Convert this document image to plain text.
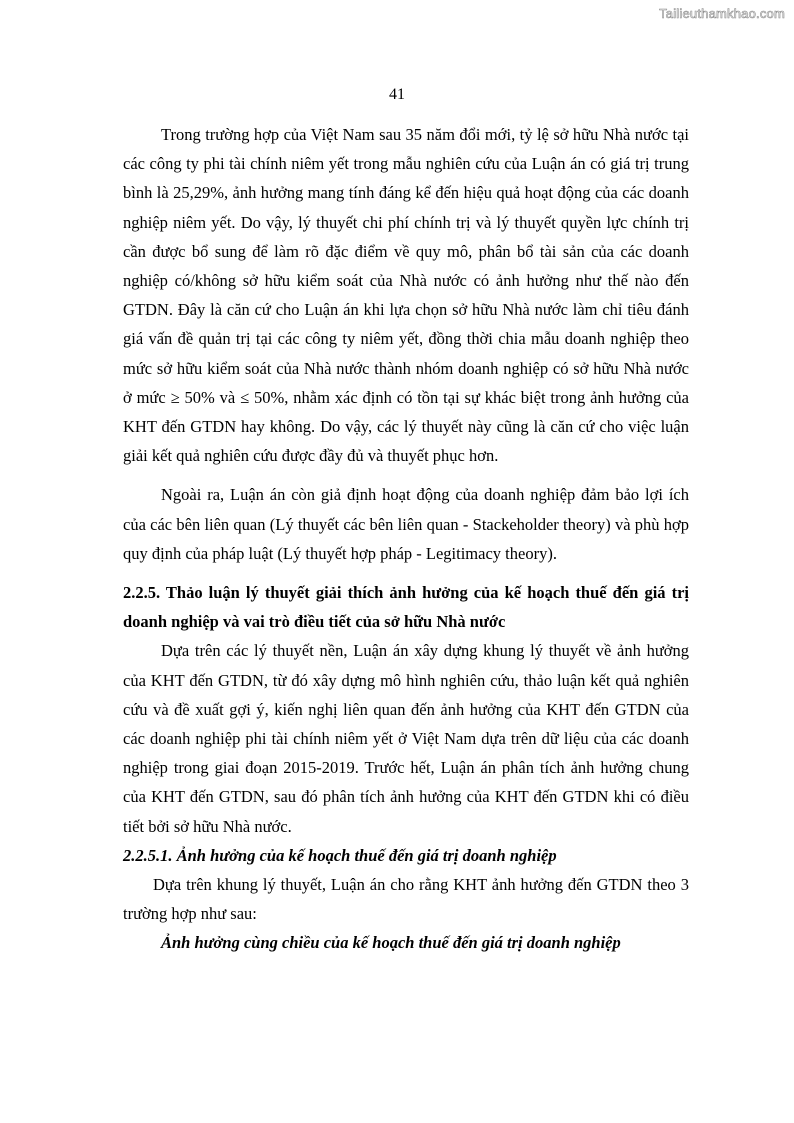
Tailieuthamkhao.com
41

Trong trường hợp của Việt Nam sau 35 năm đổi mới, tỷ lệ sở hữu Nhà nước tại các công ty phi tài chính niêm yết trong mẫu nghiên cứu của Luận án có giá trị trung bình là 25,29%, ảnh hưởng mang tính đáng kể đến hiệu quả hoạt động của các doanh nghiệp niêm yết. Do vậy, lý thuyết chi phí chính trị và lý thuyết quyền lực chính trị cần được bổ sung để làm rõ đặc điểm về quy mô, phân bổ tài sản của các doanh nghiệp có/không sở hữu kiểm soát của Nhà nước có ảnh hưởng như thế nào đến GTDN. Đây là căn cứ cho Luận án khi lựa chọn sở hữu Nhà nước làm chỉ tiêu đánh giá vấn đề quản trị tại các công ty niêm yết, đồng thời chia mẫu doanh nghiệp theo mức sở hữu kiểm soát của Nhà nước thành nhóm doanh nghiệp có sở hữu Nhà nước ở mức ≥ 50% và ≤ 50%, nhằm xác định có tồn tại sự khác biệt trong ảnh hưởng của KHT đến GTDN hay không. Do vậy, các lý thuyết này cũng là căn cứ cho việc luận giải kết quả nghiên cứu được đầy đủ và thuyết phục hơn.

Ngoài ra, Luận án còn giả định hoạt động của doanh nghiệp đảm bảo lợi ích của các bên liên quan (Lý thuyết các bên liên quan - Stackeholder theory) và phù hợp quy định của pháp luật (Lý thuyết hợp pháp - Legitimacy theory).

2.2.5. Thảo luận lý thuyết giải thích ảnh hưởng của kế hoạch thuế đến giá trị doanh nghiệp và vai trò điều tiết của sở hữu Nhà nước

Dựa trên các lý thuyết nền, Luận án xây dựng khung lý thuyết về ảnh hưởng của KHT đến GTDN, từ đó xây dựng mô hình nghiên cứu, thảo luận kết quả nghiên cứu và đề xuất gợi ý, kiến nghị liên quan đến ảnh hưởng của KHT đến GTDN của các doanh nghiệp phi tài chính niêm yết ở Việt Nam dựa trên dữ liệu của các doanh nghiệp trong giai đoạn 2015-2019. Trước hết, Luận án phân tích ảnh hưởng chung của KHT đến GTDN, sau đó phân tích ảnh hưởng của KHT đến GTDN khi có điều tiết bởi sở hữu Nhà nước.

2.2.5.1. Ảnh hưởng của kế hoạch thuế đến giá trị doanh nghiệp

Dựa trên khung lý thuyết, Luận án cho rằng KHT ảnh hưởng đến GTDN theo 3 trường hợp như sau:

Ảnh hưởng cùng chiều của kế hoạch thuế đến giá trị doanh nghiệp
